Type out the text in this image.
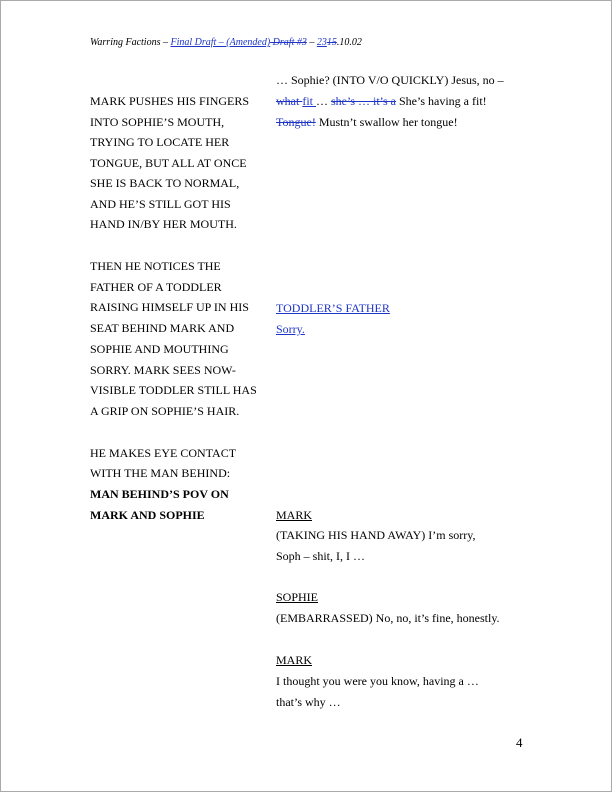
Warring Factions – Final Draft – (Amended) Draft #3 – 2315.10.02
MARK PUSHES HIS FINGERS
INTO SOPHIE’S MOUTH,
TRYING TO LOCATE HER
TONGUE, BUT ALL AT ONCE
SHE IS BACK TO NORMAL,
AND HE’S STILL GOT HIS
HAND IN/BY HER MOUTH.
THEN HE NOTICES THE
FATHER OF A TODDLER
RAISING HIMSELF UP IN HIS
SEAT BEHIND MARK AND
SOPHIE AND MOUTHING
SORRY. MARK SEES NOW-
VISIBLE TODDLER STILL HAS
A GRIP ON SOPHIE’S HAIR.
HE MAKES EYE CONTACT
WITH THE MAN BEHIND:
MAN BEHIND’S POV ON
MARK AND SOPHIE
… Sophie? (INTO V/O QUICKLY) Jesus, no –
what fit … she’s … it’s a She’s having a fit!
Tongue! Mustn’t swallow her tongue!
TODDLER’S FATHER
Sorry.
MARK
(TAKING HIS HAND AWAY) I’m sorry,
Soph – shit, I, I …
SOPHIE
(EMBARRASSED) No, no, it’s fine, honestly.
MARK
I thought you were you know, having a …
that’s why …
4
